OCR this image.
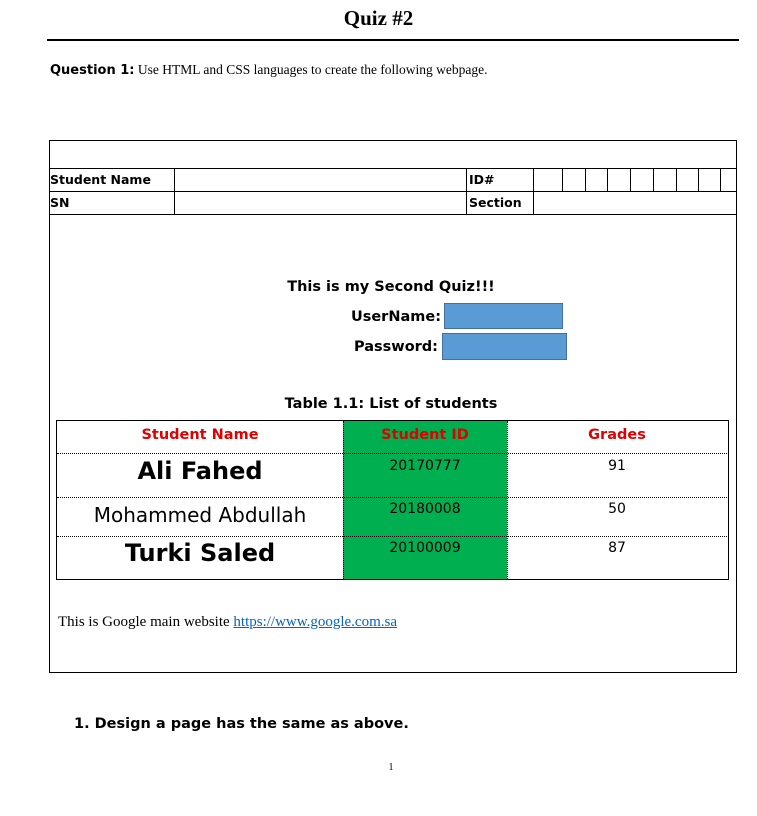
Quiz #2
Question 1: Use HTML and CSS languages to create the following webpage.
Student Name	ID#
SN	Section
This is my Second Quiz!!!
UserName:
Password:
Table 1.1: List of students
Student Name	Student ID	Grades
Ali Fahed	20170777	91
Mohammed Abdullah	20180008	50
Turki Saled	20100009	87
This is Google main website https://www.google.com.sa
1. Design a page has the same as above.
1
